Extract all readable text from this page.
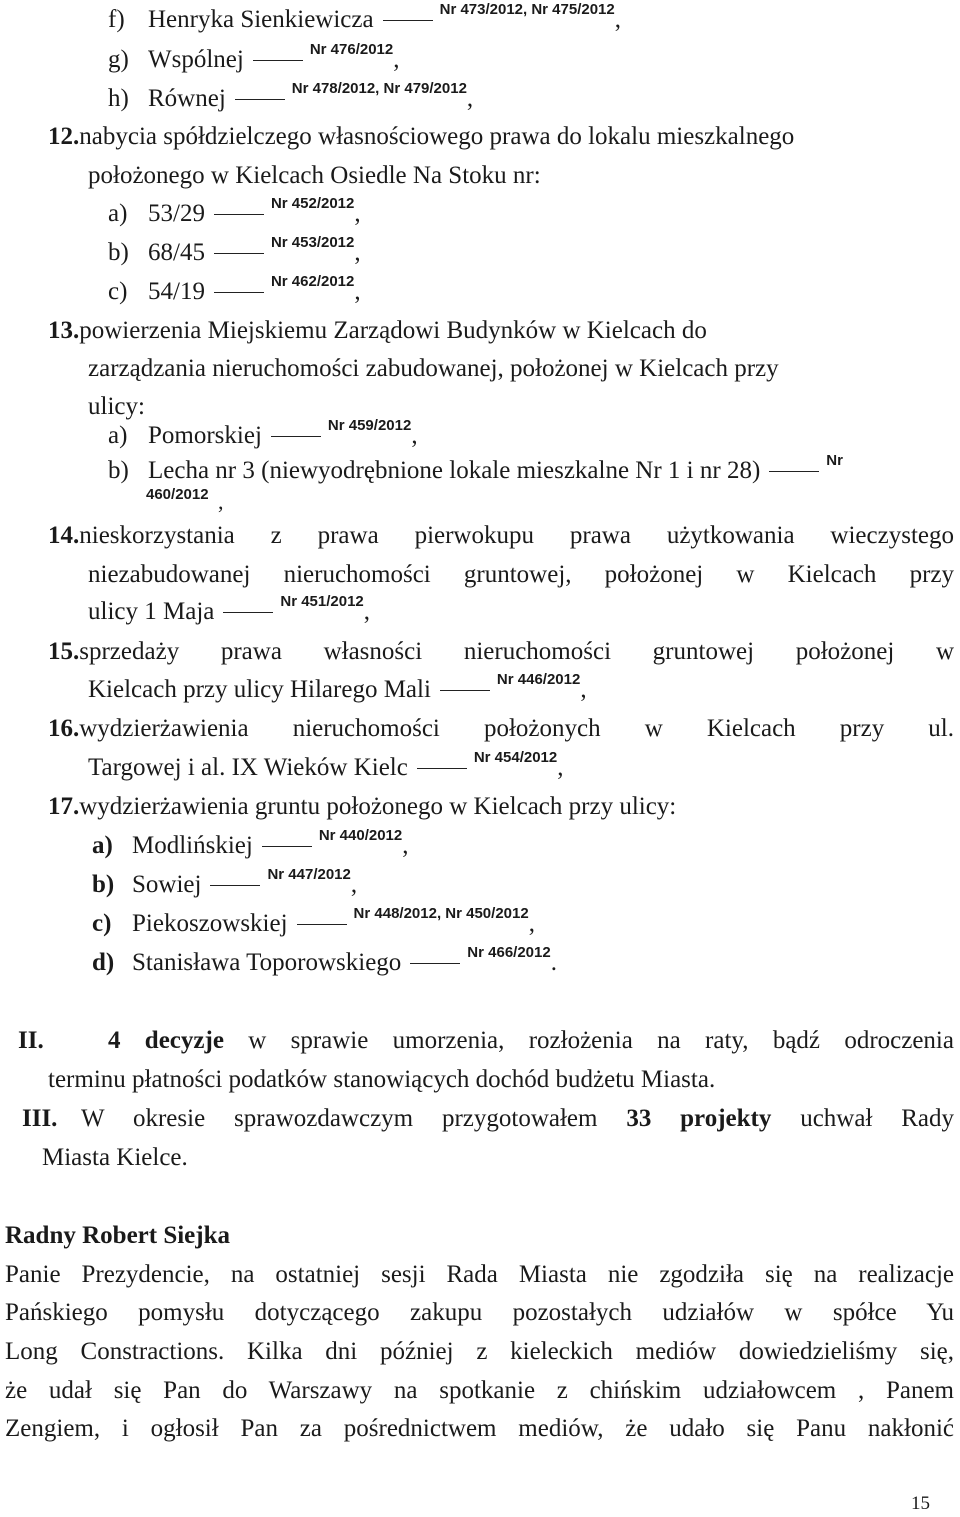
f) Henryka Sienkiewicza	$^{Nr 473/2012, Nr 475/2012}$,
g) Wspólnej	$^{Nr 476/2012}$,
h) Równej	$^{Nr 478/2012, Nr 479/2012}$,
12.nabycia spółdzielczego własnościowego prawa do lokalu mieszkalnego
położonego w Kielcach Osiedle Na Stoku nr:
a) 53/29	$^{Nr 452/2012}$,
b) 68/45	$^{Nr 453/2012}$,
c) 54/19	$^{Nr 462/2012}$,
13.powierzenia Miejskiemu Zarządowi Budynków w Kielcach do
zarządzania nieruchomości zabudowanej, położonej w Kielcach przy
ulicy:
a) Pomorskiej	$^{Nr 459/2012}$,
b) Lecha nr 3 (niewyodrębnione lokale mieszkalne Nr 1 i nr 28)	$^{Nr}$
460/2012 ,
14.nieskorzystania z prawa pierwokupu prawa użytkowania wieczystego
niezabudowanej nieruchomości gruntowej, położonej w Kielcach przy
ulicy 1 Maja	$^{Nr 451/2012}$,
15.sprzedaży prawa własności nieruchomości gruntowej położonej w
Kielcach przy ulicy Hilarego Mali	$^{Nr 446/2012}$,
16.wydzierżawienia nieruchomości położonych w Kielcach przy ul.
Targowej i al. IX Wieków Kielc	$^{Nr 454/2012}$,
17.wydzierżawienia gruntu położonego w Kielcach przy ulicy:
a) Modlińskiej	$^{Nr 440/2012}$,
b) Sowiej	$^{Nr 447/2012}$,
c) Piekoszowskiej	$^{Nr 448/2012, Nr 450/2012}$,
d) Stanisława Toporowskiego	$^{Nr 466/2012}$.
II.	4 decyzje w sprawie umorzenia, rozłożenia na raty, bądź odroczenia
terminu płatności podatków stanowiących dochód budżetu Miasta.
III. W okresie sprawozdawczym przygotowałem 33 projekty uchwał Rady
Miasta Kielce.
Radny Robert Siejka
Panie Prezydencie, na ostatniej sesji Rada Miasta nie zgodziła się na realizacje
Pańskiego pomysłu dotyczącego zakupu pozostałych udziałów w spółce Yu
Long Constractions. Kilka dni później z kieleckich mediów dowiedzieliśmy się,
że udał się Pan do Warszawy na spotkanie z chińskim udziałowcem , Panem
Zengiem, i ogłosił Pan za pośrednictwem mediów, że udało się Panu nakłonić
15
